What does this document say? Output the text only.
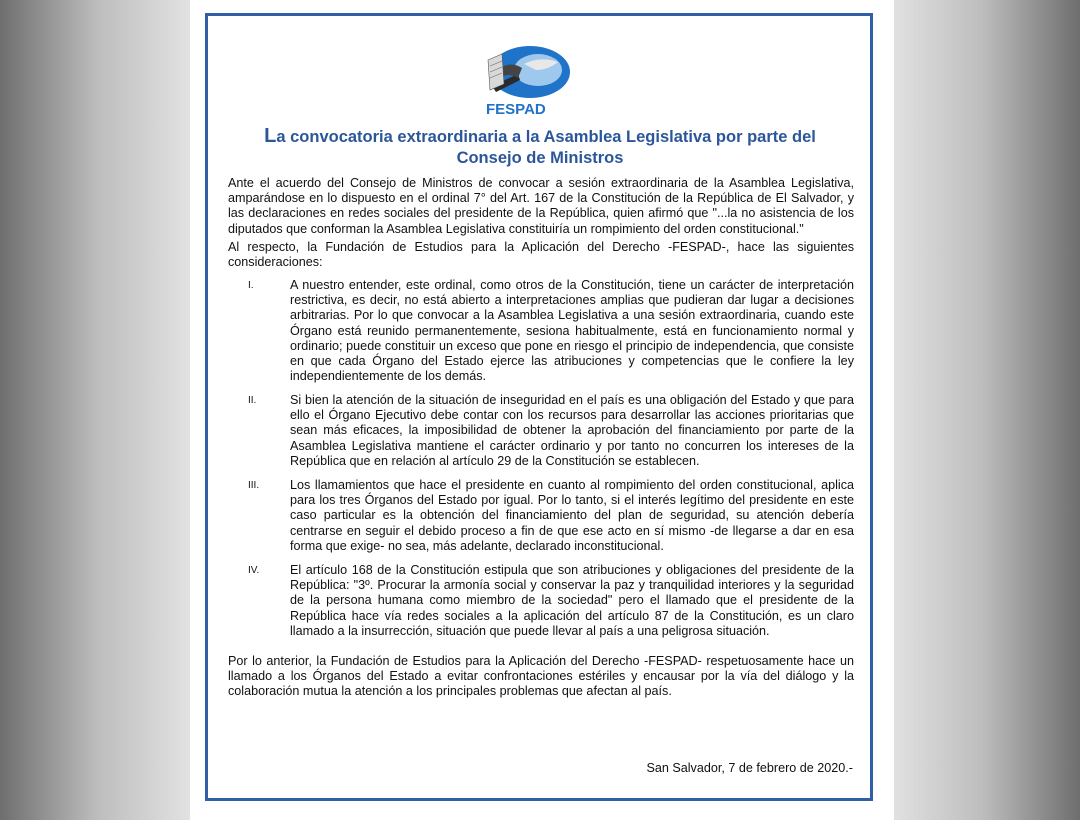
FESPAD
La convocatoria extraordinaria a la Asamblea Legislativa por parte del
Consejo de Ministros
Ante el acuerdo del Consejo de Ministros de convocar a sesión extraordinaria de la Asamblea Legislativa, amparándose en lo dispuesto en el ordinal 7° del Art. 167 de la Constitución de la República de El Salvador, y las declaraciones en redes sociales del presidente de la República, quien afirmó que "...la no asistencia de los diputados que conforman la Asamblea Legislativa constituiría un rompimiento del orden constitucional."
Al respecto, la Fundación de Estudios para la Aplicación del Derecho -FESPAD-, hace las siguientes consideraciones:
I.	A nuestro entender, este ordinal, como otros de la Constitución, tiene un carácter de interpretación restrictiva, es decir, no está abierto a interpretaciones amplias que pudieran dar lugar a decisiones arbitrarias. Por lo que convocar a la Asamblea Legislativa a una sesión extraordinaria, cuando este Órgano está reunido permanentemente, sesiona habitualmente, está en funcionamiento normal y ordinario; puede constituir un exceso que pone en riesgo el principio de independencia, que consiste en que cada Órgano del Estado ejerce las atribuciones y competencias que le confiere la ley independientemente de los demás.
II.	Si bien la atención de la situación de inseguridad en el país es una obligación del Estado y que para ello el Órgano Ejecutivo debe contar con los recursos para desarrollar las acciones prioritarias que sean más eficaces, la imposibilidad de obtener la aprobación del financiamiento por parte de la Asamblea Legislativa mantiene el carácter ordinario y por tanto no concurren los intereses de la República que en relación al artículo 29 de la Constitución se establecen.
III.	Los llamamientos que hace el presidente en cuanto al rompimiento del orden constitucional, aplica para los tres Órganos del Estado por igual. Por lo tanto, si el interés legítimo del presidente en este caso particular es la obtención del financiamiento del plan de seguridad, su atención debería centrarse en seguir el debido proceso a fin de que ese acto en sí mismo -de llegarse a dar en esa forma que exige- no sea, más adelante, declarado inconstitucional.
IV.	El artículo 168 de la Constitución estipula que son atribuciones y obligaciones del presidente de la República: "3º. Procurar la armonía social y conservar la paz y tranquilidad interiores y la seguridad de la persona humana como miembro de la sociedad" pero el llamado que el presidente de la República hace vía redes sociales a la aplicación del artículo 87 de la Constitución, es un claro llamado a la insurrección, situación que puede llevar al país a una peligrosa situación.
Por lo anterior, la Fundación de Estudios para la Aplicación del Derecho -FESPAD- respetuosamente hace un llamado a los Órganos del Estado a evitar confrontaciones estériles y encausar por la vía del diálogo y la colaboración mutua la atención a los principales problemas que afectan al país.
San Salvador, 7 de febrero de 2020.-
